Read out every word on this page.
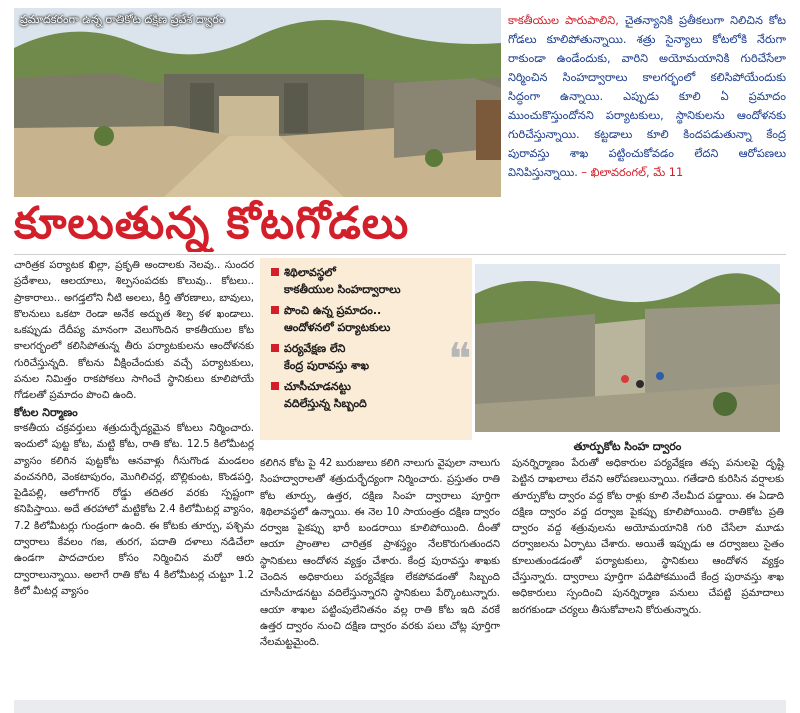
ప్రమాదకరంగా ఉన్న రాతికోట దక్షిణ ప్రవేశ ద్వారం
కూలుతున్న కోటగోడలు
కాకతీయుల పారుపాలిని, చైతన్యానికి ప్రతీకలుగా నిలిచిన కోట గోడలు కూలిపోతున్నాయి. శత్రు సైన్యాలు కోటలోకి నేరుగా రాకుండా ఉండేందుకు, వారిని అయోమయానికి గురిచేసేలా నిర్మించిన సింహద్వారాలు కాలగర్భంలో కలిసిపోయేందుకు సిద్ధంగా ఉన్నాయి. ఎప్పుడు కూలి ఏ ప్రమాదం ముంచుకొస్తుందోనని పర్యాటకులు, స్థానికులను ఆందోళనకు గురిచేస్తున్నాయి. కట్టడాలు కూలి కిందపడుతున్నా కేంద్ర పురావస్తు శాఖ పట్టించుకోవడం లేదని ఆరోపణలు వినిపిస్తున్నాయి. – ఖిలావరంగల్, మే 11

చారిత్రక పర్యాటక ఖిల్లా, ప్రకృతి అందాలకు నెలవు.. సుందర ప్రదేశాలు, ఆలయాలు, శిల్పసంపదకు కొలువు.. కోటలు.. ప్రాకారాలు.. అగడ్తలోని నీటి అలలు, కీర్తి తోరణాలు, బావులు, కొలనులు ఒకటా రెండా అనేక అద్భుత శిల్ప కళ ఖండాలు. ఒకప్పుడు దేదీప్య మానంగా వెలుగొందిన కాకతీయుల కోట కాలగర్భంలో కలిసిపోతున్న తీరు పర్యాటకులను ఆందోళనకు గురిచేస్తున్నది. కోటను వీక్షించేందుకు వచ్చే పర్యాటకులు, పనుల నిమిత్తం రాకపోకలు సాగించే స్థానికులు కూలిపోయే గోడలతో ప్రమాదం పొంచి ఉంది.

కోటల నిర్మాణం

కాకతీయ చక్రవర్తులు శత్రుదుర్భేద్యమైన కోటలు నిర్మించారు. ఇందులో పుట్ట కోట, మట్టి కోట, రాతి కోట. 12.5 కిలోమీటర్ల వ్యాసం కలిగిన పుట్టకోట ఆనవాళ్లు గీసుగొండ మండలం వంచనగిరి, వెంకటాపురం, మొగిలిచర్ల, బొల్లికుంట, కొండపర్తి, పైడిపల్లి, ఆలోగాగర్ రోడ్డు తదితర వరకు స్పష్టంగా కనిపిస్తాయి. అదే తరహాలో మట్టికోట 2.4 కిలోమీటర్ల వ్యాసం, 7.2 కిలోమీటర్లు గుండ్రంగా ఉంది. ఈ కోటకు తూర్పు, పశ్చిమ ద్వారాలు కేవలం గజ, తురగ, పదాతి దళాలు నడిచేలా ఉండగా పాదచారుల కోసం నిర్మించిన మరో ఆరు ద్వారాలున్నాయి. అలాగే రాతి కోట 4 కిలోమీటర్ల చుట్టూ 1.2 కిలో మీటర్ల వ్యాసం

శిథిలావస్థలో
కాకతీయుల సింహద్వారాలు
పొంచి ఉన్న ప్రమాదం..
ఆందోళనలో పర్యాటకులు
పర్యవేక్షణ లేని
కేంద్ర పురావస్తు శాఖ
చూసీచూడనట్టు
వదిలేస్తున్న సిబ్బంది
❝
తూర్పుకోట సింహ ద్వారం

కలిగిన కోట పై 42 బురుజులు కలిగి నాలుగు వైపులా నాలుగు సింహద్వారాలతో శత్రుదుర్భేద్యంగా నిర్మించారు. ప్రస్తుతం రాతి కోట తూర్పు, ఉత్తర, దక్షిణ సింహ ద్వారాలు పూర్తిగా శిథిలావస్థలో ఉన్నాయి. ఈ నెల 10 సాయంత్రం దక్షిణ ద్వారం దర్వాజ పైకప్పు భారీ బండరాయి కూలిపోయింది. దీంతో ఆయా ప్రాంతాల చారిత్రక ప్రాశస్త్యం నేలకొరుగుతుందని స్థానికులు ఆందోళన వ్యక్తం చేశారు. కేంద్ర పురావస్తు శాఖకు చెందిన అధికారులు పర్యవేక్షణ లేకపోవడంతో సిబ్బంది చూసీచూడనట్టు వదిలేస్తున్నారని స్థానికులు పేర్కొంటున్నారు. ఆయా శాఖల పట్టింపులేనితనం వల్ల రాతి కోట ఇది వరకే ఉత్తర ద్వారం నుంచి దక్షిణ ద్వారం వరకు పలు చోట్ల పూర్తిగా నేలమట్టమైంది.

పునర్నిర్మాణం పేరుతో అధికారుల పర్యవేక్షణ తప్ప పనులపై దృష్టి పెట్టిన దాఖలాలు లేవని ఆరోపణలున్నాయి. గతేడాది కురిసిన వర్షాలకు తూర్పుకోట ద్వారం వద్ద కోట రాళ్లు కూలి నేలమీద పడ్డాయి. ఈ ఏడాది దక్షిణ ద్వారం వద్ద దర్వాజ పైకప్పు కూలిపోయింది. రాతికోట ప్రతి ద్వారం వద్ద శత్రువులను అయోమయానికి గురి చేసేలా మూడు దర్వాజలను ఏర్పాటు చేశారు. అయితే ఇప్పుడు ఆ దర్వాజలు సైతం కూలుతుండడంతో పర్యాటకులు, స్థానికులు ఆందోళన వ్యక్తం చేస్తున్నారు. ద్వారాలు పూర్తిగా పడిపోకముందే కేంద్ర పురావస్తు శాఖ అధికారులు స్పందించి పునర్నిర్మాణ పనులు చేపట్టి ప్రమాదాలు జరగకుండా చర్యలు తీసుకోవాలని కోరుతున్నారు.
